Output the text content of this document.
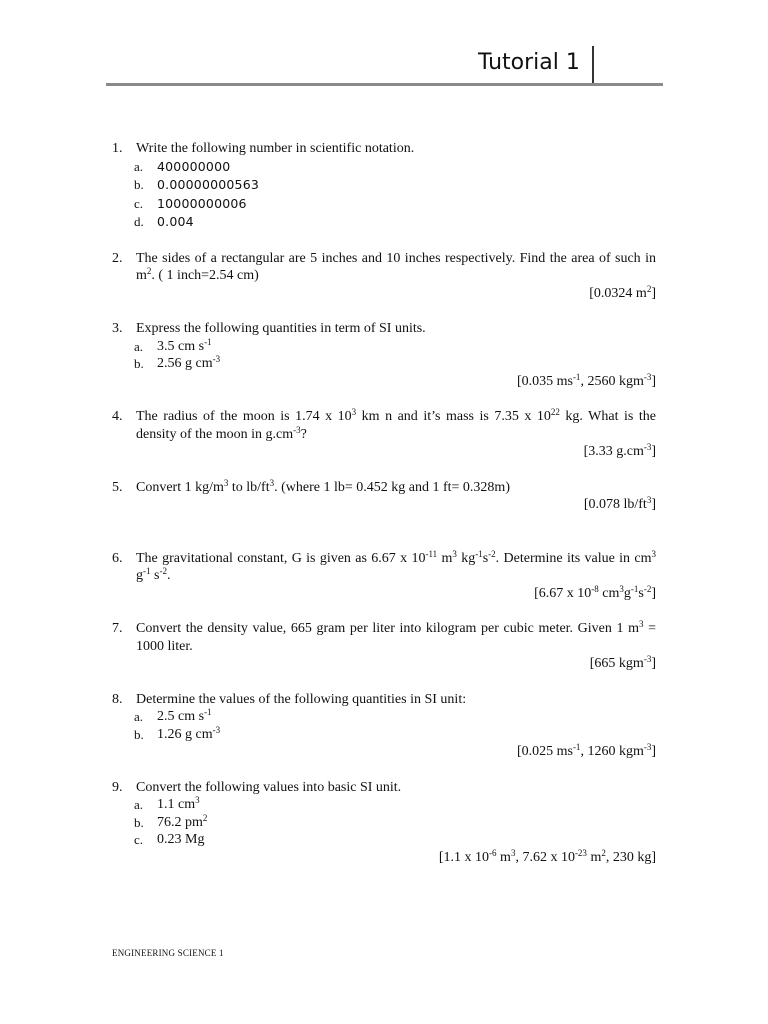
Tutorial 1
1. Write the following number in scientific notation.
a. 400000000
b. 0.00000000563
c. 10000000006
d. 0.004
2. The sides of a rectangular are 5 inches and 10 inches respectively. Find the area of such in $m^2$. ( 1 inch=2.54 cm)
[0.0324 $m^2$]
3. Express the following quantities in term of SI units.
a. 3.5 cm $s^{-1}$
b. 2.56 g $cm^{-3}$
[0.035 $ms^{-1}$, 2560 kgm$^{-3}$]
4. The radius of the moon is 1.74 x $10^3$ km n and it’s mass is 7.35 x $10^{22}$ kg. What is the density of the moon in $g.cm^{-3}$?
[3.33 $g.cm^{-3}$]
5. Convert 1 $kg/m^3$ to $lb/ft^3$. (where 1 lb= 0.452 kg and 1 ft= 0.328m)
[0.078 $lb/ft^3$]
6. The gravitational constant, G is given as 6.67 x $10^{-11}$ $m^3$ $kg^{-1}s^{-2}$. Determine its value in $cm^3$ $g^{-1}$ $s^{-2}$.
[6.67 x $10^{-8}$ $cm^3g^{-1}s^{-2}$]
7. Convert the density value, 665 gram per liter into kilogram per cubic meter. Given 1 $m^3 = 1000$ liter.
[665 kgm$^{-3}$]
8. Determine the values of the following quantities in SI unit:
a. 2.5 cm $s^{-1}$
b. 1.26 g $cm^{-3}$
[0.025 $ms^{-1}$, 1260 kgm$^{-3}$]
9. Convert the following values into basic SI unit.
a. 1.1 $cm^3$
b. 76.2 $pm^2$
c. 0.23 Mg
[1.1 x $10^{-6}$ $m^3$, 7.62 x $10^{-23}$ $m^2$, 230 kg]
ENGINEERING SCIENCE 1
